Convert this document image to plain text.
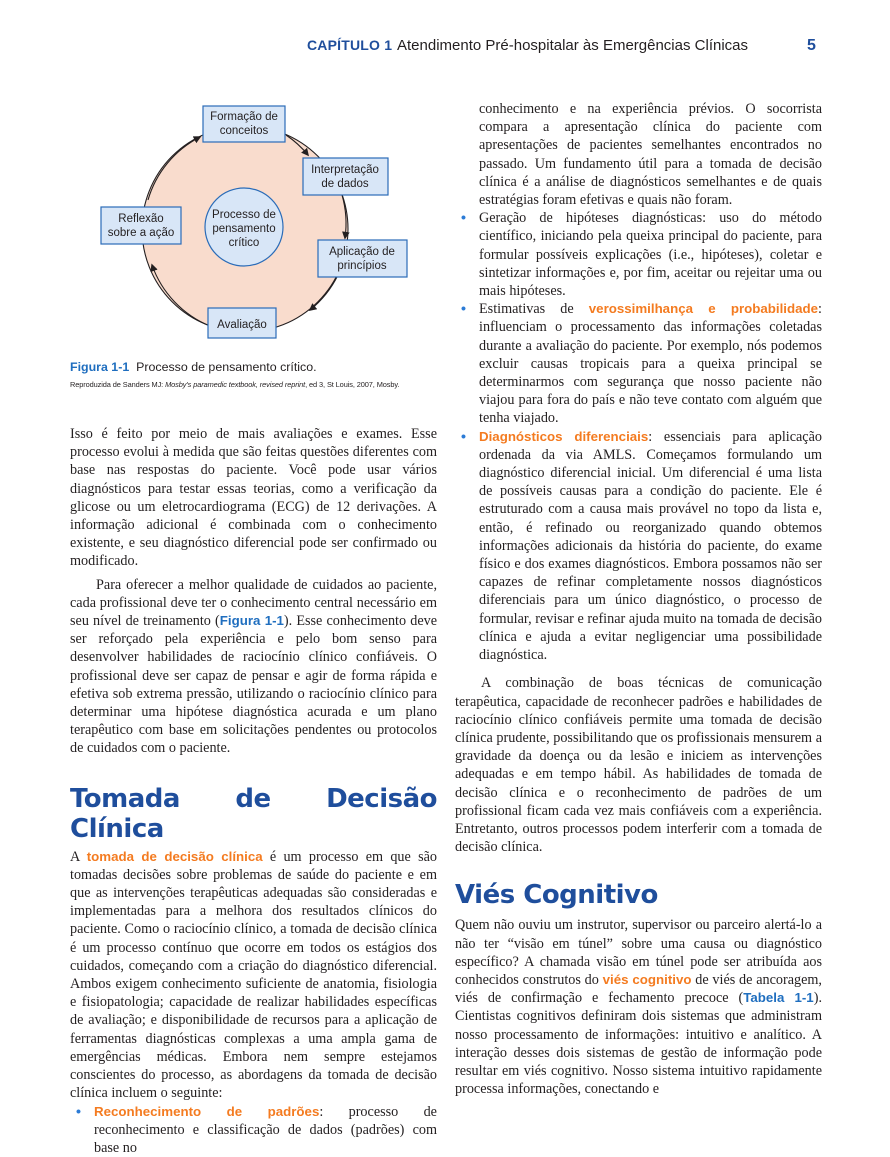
CAPÍTULO 1 Atendimento Pré-hospitalar às Emergências Clínicas	5
Processo de
pensamento
crítico
Formação de
conceitos
Interpretação
de dados
Aplicação de
princípios
Avaliação
Reflexão
sobre a ação
Figura 1-1 Processo de pensamento crítico.
Reproduzida de Sanders MJ: Mosby's paramedic textbook, revised reprint, ed 3, St Louis, 2007, Mosby.

Isso é feito por meio de mais avaliações e exames. Esse processo evolui à medida que são feitas questões diferentes com base nas respostas do paciente. Você pode usar vários diagnósticos para testar essas teorias, como a verificação da glicose ou um eletrocardiograma (ECG) de 12 derivações. A informação adicional é combinada com o conhecimento existente, e seu diagnóstico diferencial pode ser confirmado ou modificado.

Para oferecer a melhor qualidade de cuidados ao paciente, cada profissional deve ter o conhecimento central necessário em seu nível de treinamento (Figura 1-1). Esse conhecimento deve ser reforçado pela experiência e pelo bom senso para desenvolver habilidades de raciocínio clínico confiáveis. O profissional deve ser capaz de pensar e agir de forma rápida e efetiva sob extrema pressão, utilizando o raciocínio clínico para determinar uma hipótese diagnóstica acurada e um plano terapêutico com base em solicitações pendentes ou protocolos de cuidados com o paciente.

Tomada de Decisão Clínica

A tomada de decisão clínica é um processo em que são tomadas decisões sobre problemas de saúde do paciente e em que as intervenções terapêuticas adequadas são consideradas e implementadas para a melhora dos resultados clínicos do paciente. Como o raciocínio clínico, a tomada de decisão clínica é um processo contínuo que ocorre em todos os estágios dos cuidados, começando com a criação do diagnóstico diferencial. Ambos exigem conhecimento suficiente de anatomia, fisiologia e fisiopatologia; capacidade de realizar habilidades específicas de avaliação; e disponibilidade de recursos para a aplicação de ferramentas diagnósticas complexas a uma ampla gama de emergências médicas. Embora nem sempre estejamos conscientes do processo, as abordagens da tomada de decisão clínica incluem o seguinte:

• Reconhecimento de padrões: processo de reconhecimento e classificação de dados (padrões) com base no
conhecimento e na experiência prévios. O socorrista compara a apresentação clínica do paciente com apresentações de pacientes semelhantes encontrados no passado. Um fundamento útil para a tomada de decisão clínica é a análise de diagnósticos semelhantes e de quais estratégias foram efetivas e quais não foram.
• Geração de hipóteses diagnósticas: uso do método científico, iniciando pela queixa principal do paciente, para formular possíveis explicações (i.e., hipóteses), coletar e sintetizar informações e, por fim, aceitar ou rejeitar uma ou mais hipóteses.
• Estimativas de verossimilhança e probabilidade: influenciam o processamento das informações coletadas durante a avaliação do paciente. Por exemplo, nós podemos excluir causas tropicais para a queixa principal se determinarmos com segurança que nosso paciente não viajou para fora do país e não teve contato com alguém que tenha viajado.
• Diagnósticos diferenciais: essenciais para aplicação ordenada da via AMLS. Começamos formulando um diagnóstico diferencial inicial. Um diferencial é uma lista de possíveis causas para a condição do paciente. Ele é estruturado com a causa mais provável no topo da lista e, então, é refinado ou reorganizado quando obtemos informações adicionais da história do paciente, do exame físico e dos exames diagnósticos. Embora possamos não ser capazes de refinar completamente nossos diagnósticos diferenciais para um único diagnóstico, o processo de formular, revisar e refinar ajuda muito na tomada de decisão clínica e ajuda a evitar negligenciar uma possibilidade diagnóstica.

A combinação de boas técnicas de comunicação terapêutica, capacidade de reconhecer padrões e habilidades de raciocínio clínico confiáveis permite uma tomada de decisão clínica prudente, possibilitando que os profissionais mensurem a gravidade da doença ou da lesão e iniciem as intervenções adequadas e em tempo hábil. As habilidades de tomada de decisão clínica e o reconhecimento de padrões de um profissional ficam cada vez mais confiáveis com a experiência. Entretanto, outros processos podem interferir com a tomada de decisão clínica.

Viés Cognitivo

Quem não ouviu um instrutor, supervisor ou parceiro alertá-lo a não ter “visão em túnel” sobre uma causa ou diagnóstico específico? A chamada visão em túnel pode ser atribuída aos conhecidos construtos do viés cognitivo de viés de ancoragem, viés de confirmação e fechamento precoce (Tabela 1-1). Cientistas cognitivos definiram dois sistemas que administram nosso processamento de informações: intuitivo e analítico. A interação desses dois sistemas de gestão de informação pode resultar em viés cognitivo. Nosso sistema intuitivo rapidamente processa informações, conectando e
